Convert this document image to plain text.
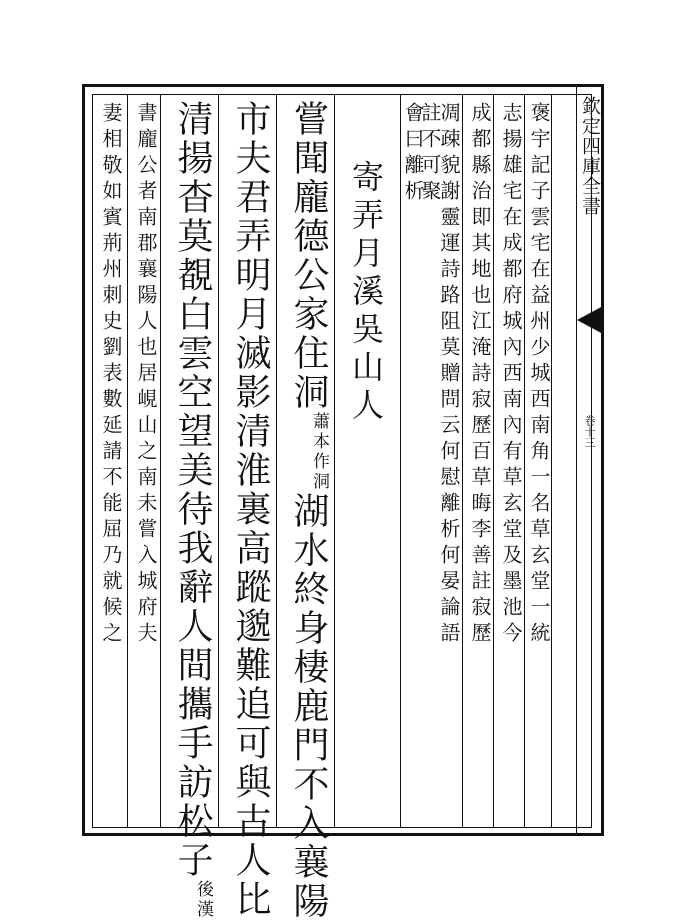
欽定四庫全書
卷十三
褒宇記子雲宅在益州少城西南角一名草玄堂一統
志揚雄宅在成都府城內西南內有草玄堂及墨池今
成都縣治即其地也江淹詩寂歷百草晦李善註寂歷
凋疎貌謝靈運詩路阻莫贈問云何慰離析何晏論語
註不可聚
會曰離析
寄弄月溪吳山人
嘗聞龐德公家住洞蕭本作洞湖水終身棲鹿門不入襄陽
市夫君弄明月滅影清淮裏高蹤邈難追可與古人比
清揚杳莫覩白雲空望美待我辭人間攜手訪松子後漢
書龐公者南郡襄陽人也居峴山之南未嘗入城府夫
妻相敬如賓荊州刺史劉表數延請不能屈乃就候之
